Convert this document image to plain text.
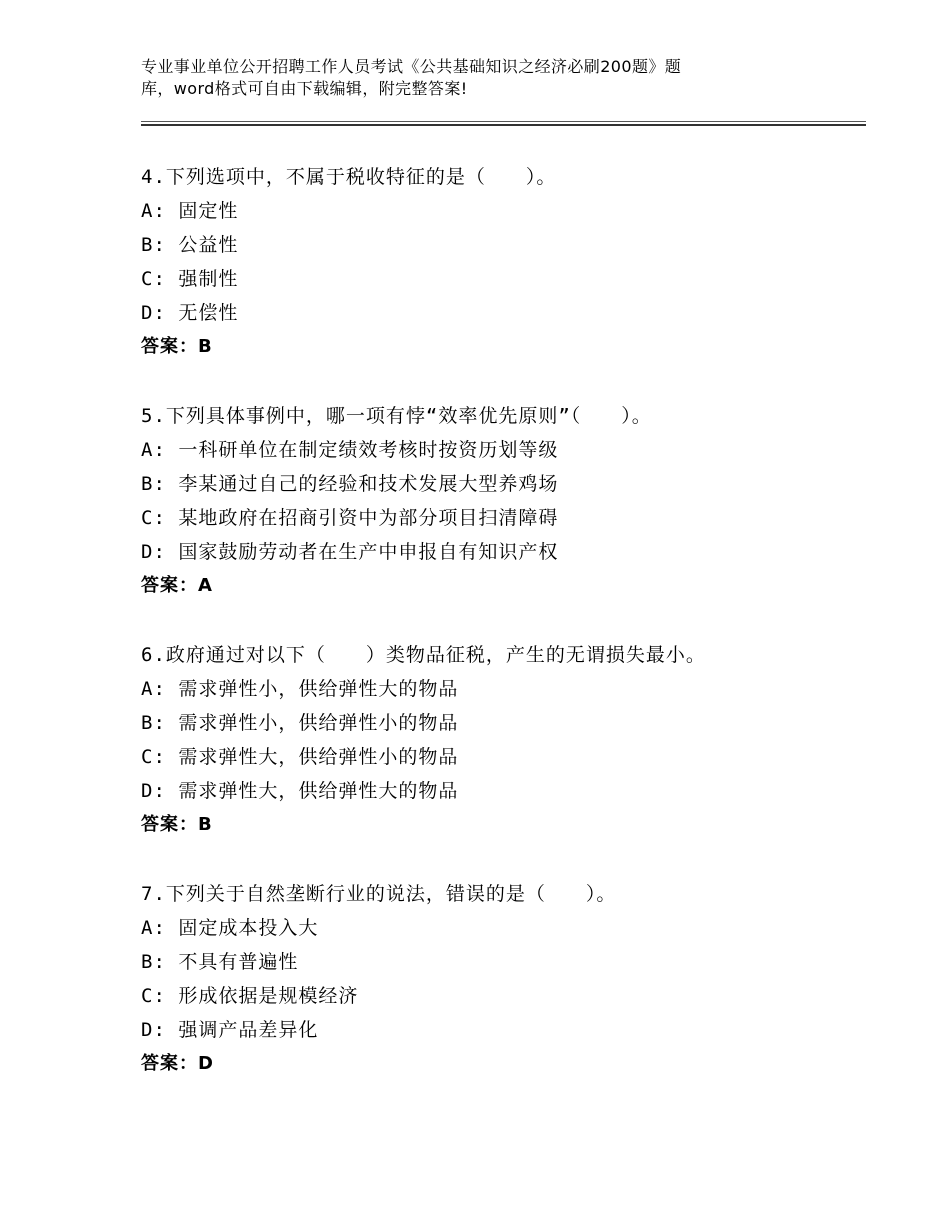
专业事业单位公开招聘工作人员考试《公共基础知识之经济必刷200题》题
库，word格式可自由下载编辑，附完整答案!
4.下列选项中，不属于税收特征的是（　　）。
A: 固定性
B: 公益性
C: 强制性
D: 无偿性
答案：B
5.下列具体事例中，哪一项有悖“效率优先原则”（　　）。
A: 一科研单位在制定绩效考核时按资历划等级
B: 李某通过自己的经验和技术发展大型养鸡场
C: 某地政府在招商引资中为部分项目扫清障碍
D: 国家鼓励劳动者在生产中申报自有知识产权
答案：A
6.政府通过对以下（　　）类物品征税，产生的无谓损失最小。
A: 需求弹性小，供给弹性大的物品
B: 需求弹性小，供给弹性小的物品
C: 需求弹性大，供给弹性小的物品
D: 需求弹性大，供给弹性大的物品
答案：B
7.下列关于自然垄断行业的说法，错误的是（　　）。
A: 固定成本投入大
B: 不具有普遍性
C: 形成依据是规模经济
D: 强调产品差异化
答案：D
